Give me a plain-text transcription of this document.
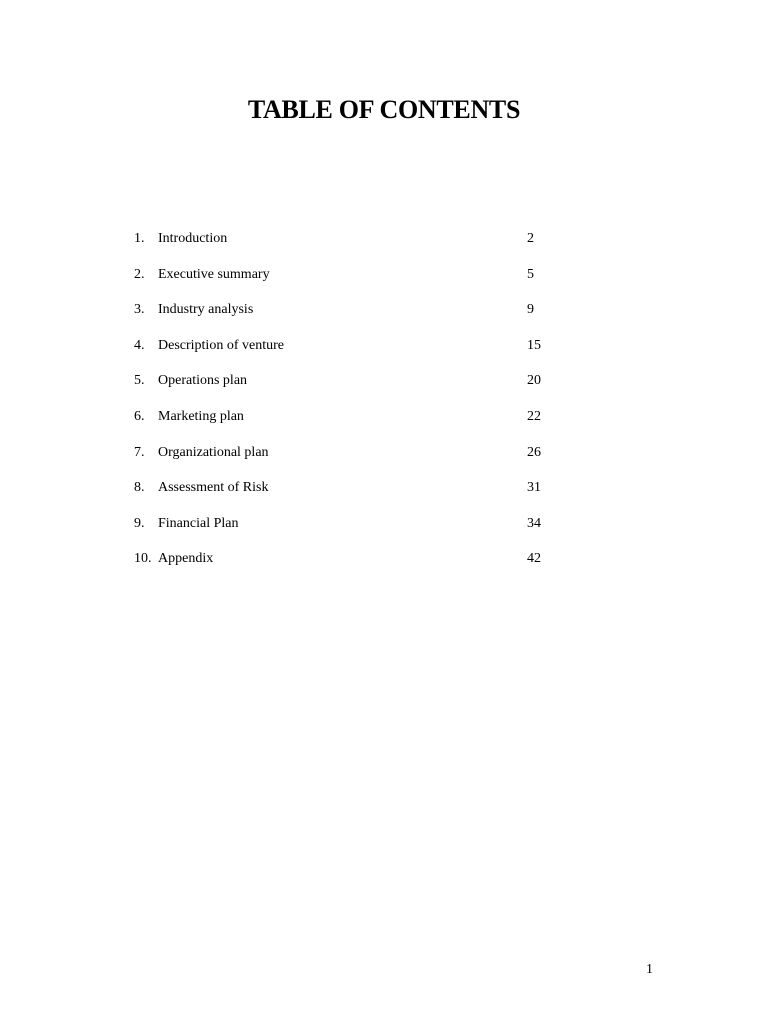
TABLE OF CONTENTS
1. Introduction	2
2. Executive summary	5
3. Industry analysis	9
4. Description of venture	15
5. Operations plan	20
6. Marketing plan	22
7. Organizational plan	26
8. Assessment of Risk	31
9. Financial Plan	34
10. Appendix	42
1
